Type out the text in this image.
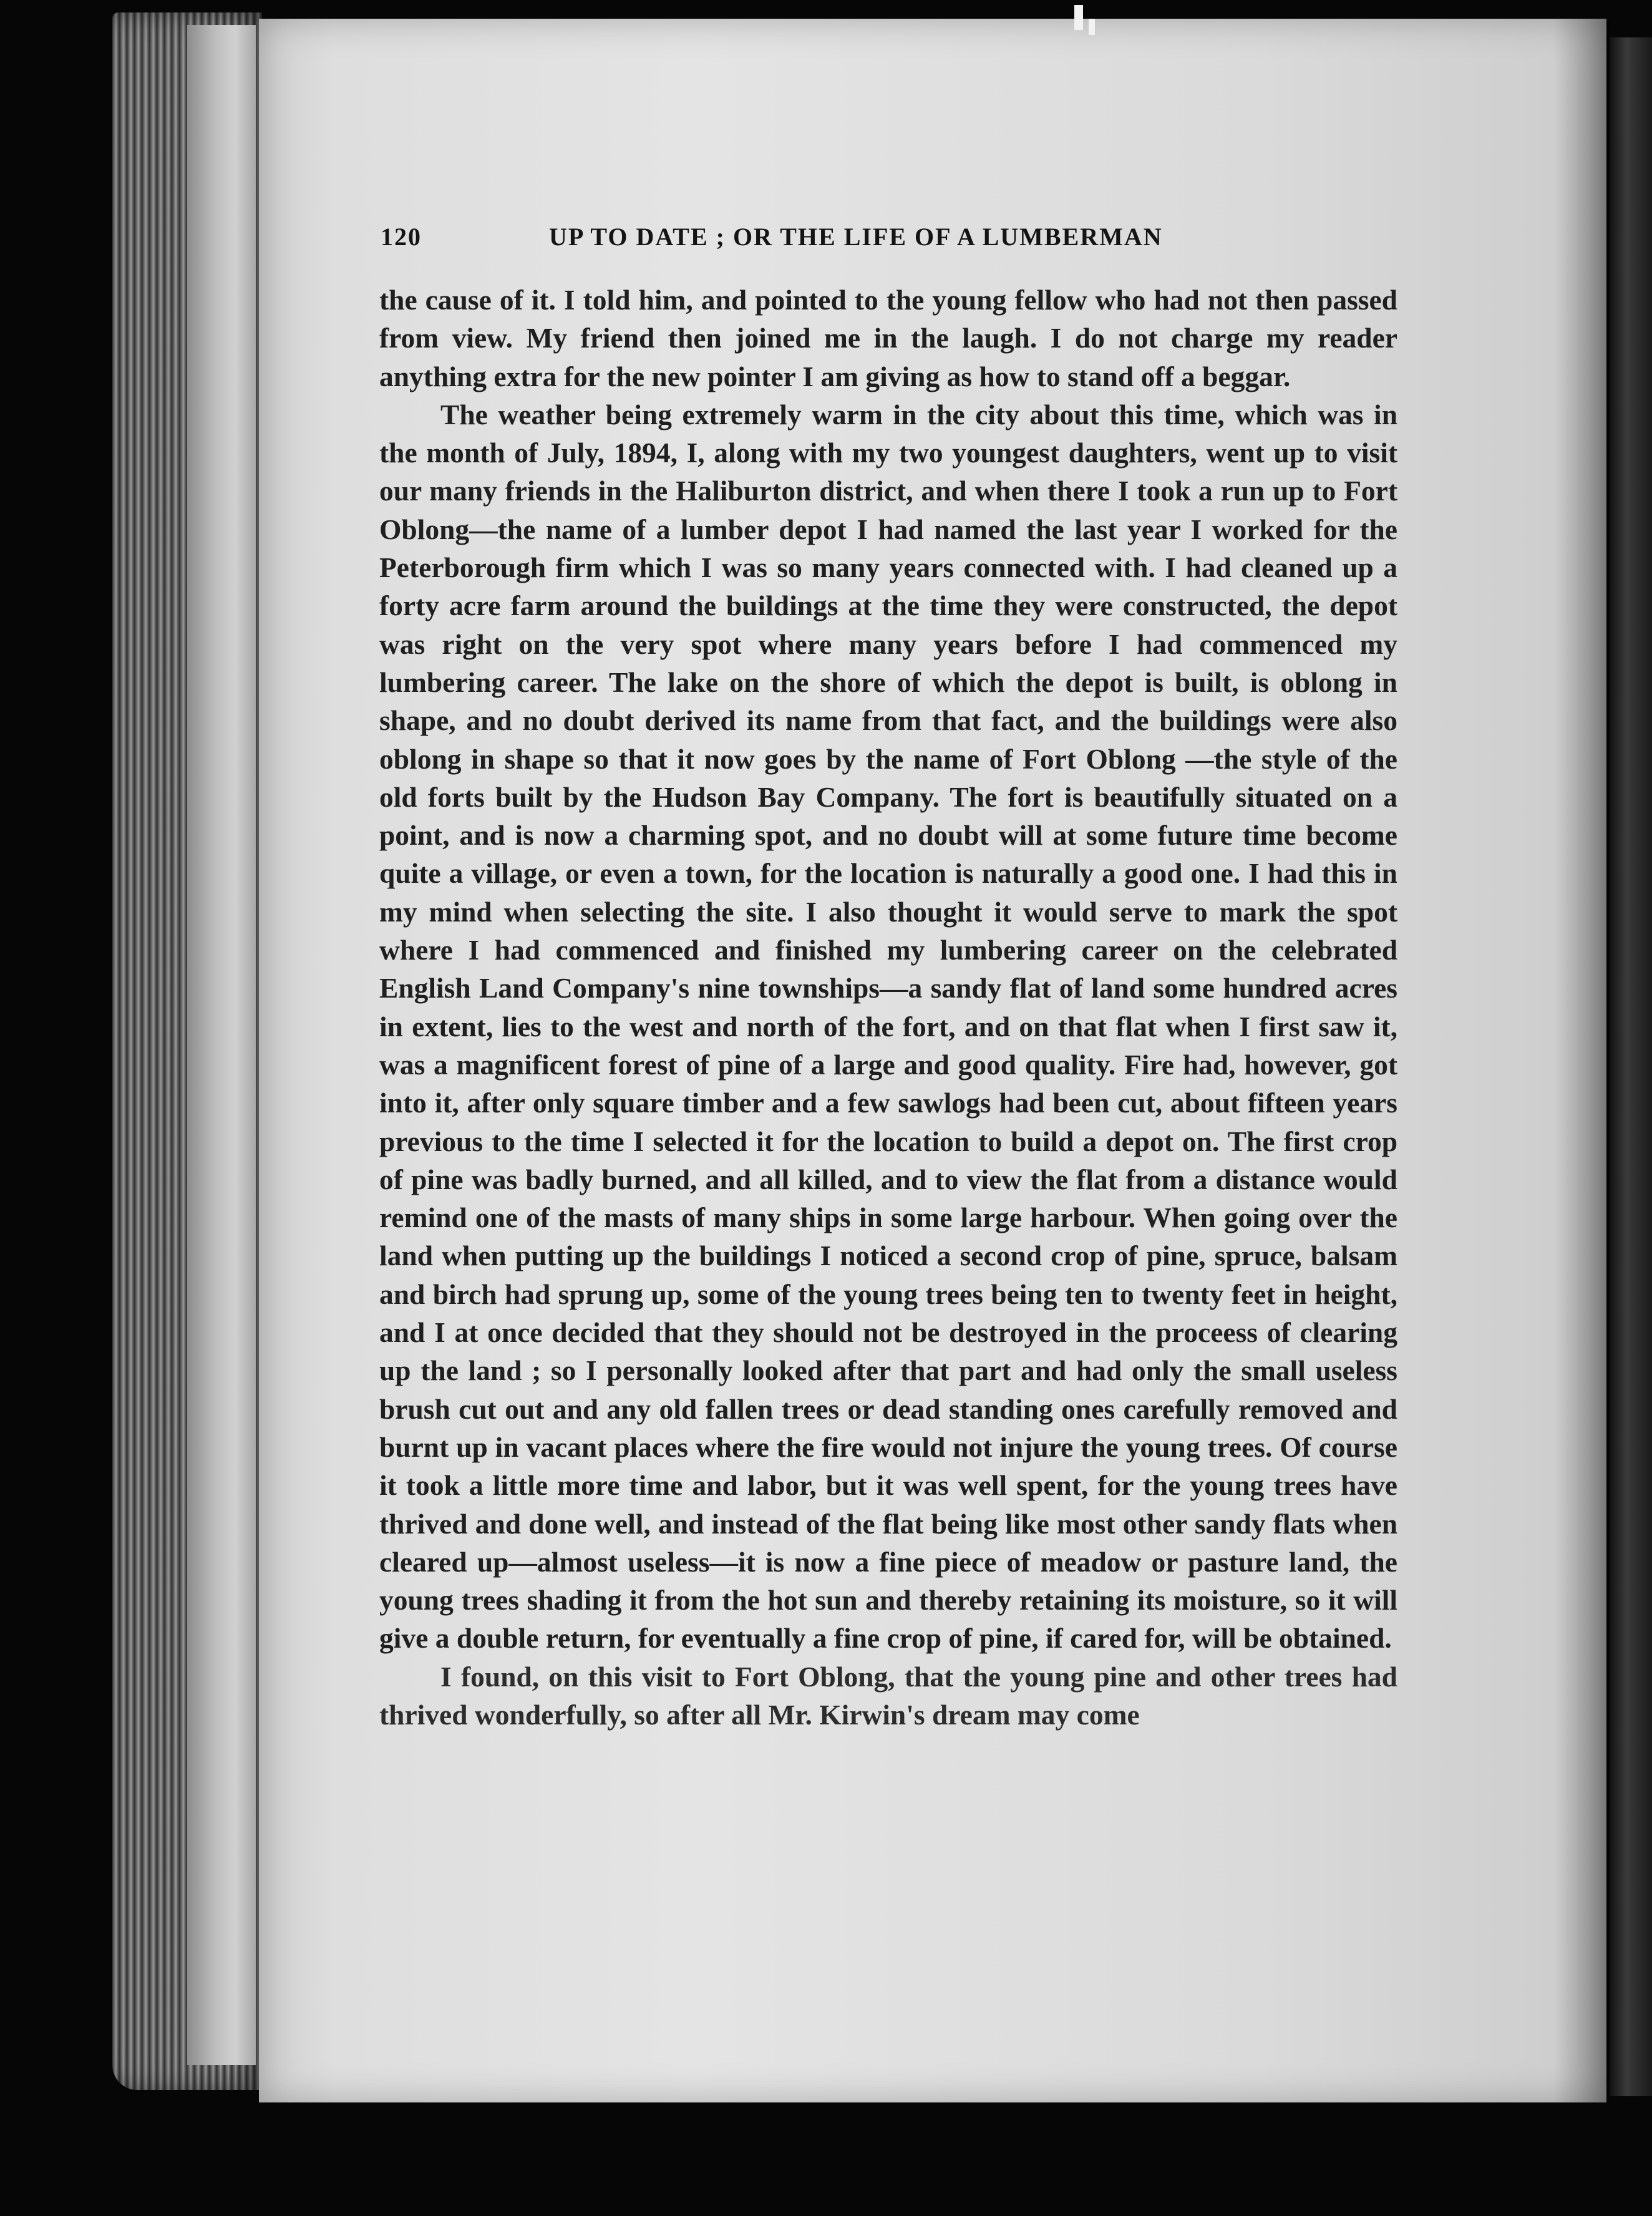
120	UP TO DATE ; OR THE LIFE OF A LUMBERMAN

the cause of it. I told him, and pointed to the young fellow who had not then passed from view. My friend then joined me in the laugh. I do not charge my reader anything extra for the new pointer I am giving as how to stand off a beggar.

The weather being extremely warm in the city about this time, which was in the month of July, 1894, I, along with my two youngest daughters, went up to visit our many friends in the Haliburton district, and when there I took a run up to Fort Oblong—the name of a lumber depot I had named the last year I worked for the Peterborough firm which I was so many years connected with. I had cleaned up a forty acre farm around the buildings at the time they were constructed, the depot was right on the very spot where many years before I had commenced my lumbering career. The lake on the shore of which the depot is built, is oblong in shape, and no doubt derived its name from that fact, and the buildings were also oblong in shape so that it now goes by the name of Fort Oblong —the style of the old forts built by the Hudson Bay Company. The fort is beautifully situated on a point, and is now a charming spot, and no doubt will at some future time become quite a village, or even a town, for the location is naturally a good one. I had this in my mind when selecting the site. I also thought it would serve to mark the spot where I had commenced and finished my lumbering career on the celebrated English Land Company's nine townships—a sandy flat of land some hundred acres in extent, lies to the west and north of the fort, and on that flat when I first saw it, was a magnificent forest of pine of a large and good quality. Fire had, however, got into it, after only square timber and a few sawlogs had been cut, about fifteen years previous to the time I selected it for the location to build a depot on. The first crop of pine was badly burned, and all killed, and to view the flat from a distance would remind one of the masts of many ships in some large harbour. When going over the land when putting up the buildings I noticed a second crop of pine, spruce, balsam and birch had sprung up, some of the young trees being ten to twenty feet in height, and I at once decided that they should not be destroyed in the proceess of clearing up the land ; so I personally looked after that part and had only the small useless brush cut out and any old fallen trees or dead standing ones carefully removed and burnt up in vacant places where the fire would not injure the young trees. Of course it took a little more time and labor, but it was well spent, for the young trees have thrived and done well, and instead of the flat being like most other sandy flats when cleared up—almost useless—it is now a fine piece of meadow or pasture land, the young trees shading it from the hot sun and thereby retaining its moisture, so it will give a double return, for eventually a fine crop of pine, if cared for, will be obtained.

I found, on this visit to Fort Oblong, that the young pine and other trees had thrived wonderfully, so after all Mr. Kirwin's dream may come
